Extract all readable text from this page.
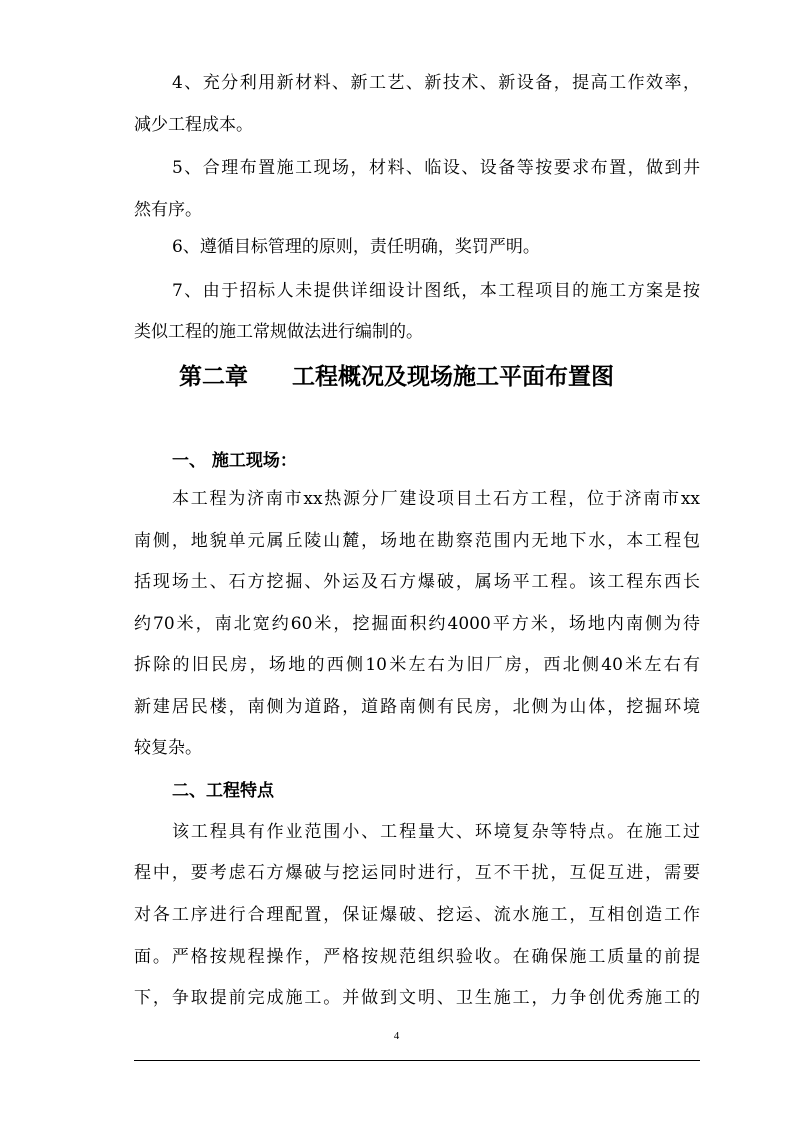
4、充分利用新材料、新工艺、新技术、新设备，提高工作效率，
减少工程成本。
5、合理布置施工现场，材料、临设、设备等按要求布置，做到井
然有序。
6、遵循目标管理的原则，责任明确，奖罚严明。
7、由于招标人未提供详细设计图纸，本工程项目的施工方案是按
类似工程的施工常规做法进行编制的。
第二章 工程概况及现场施工平面布置图
一、 施工现场：
本工程为济南市xx热源分厂建设项目土石方工程，位于济南市xx
南侧，地貌单元属丘陵山麓，场地在勘察范围内无地下水，本工程包
括现场土、石方挖掘、外运及石方爆破，属场平工程。该工程东西长
约70米，南北宽约60米，挖掘面积约4000平方米，场地内南侧为待
拆除的旧民房，场地的西侧10米左右为旧厂房，西北侧40米左右有
新建居民楼，南侧为道路，道路南侧有民房，北侧为山体，挖掘环境
较复杂。
二、工程特点
该工程具有作业范围小、工程量大、环境复杂等特点。在施工过
程中，要考虑石方爆破与挖运同时进行，互不干扰，互促互进，需要
对各工序进行合理配置，保证爆破、挖运、流水施工，互相创造工作
面。严格按规程操作，严格按规范组织验收。在确保施工质量的前提
下，争取提前完成施工。并做到文明、卫生施工，力争创优秀施工的
4
